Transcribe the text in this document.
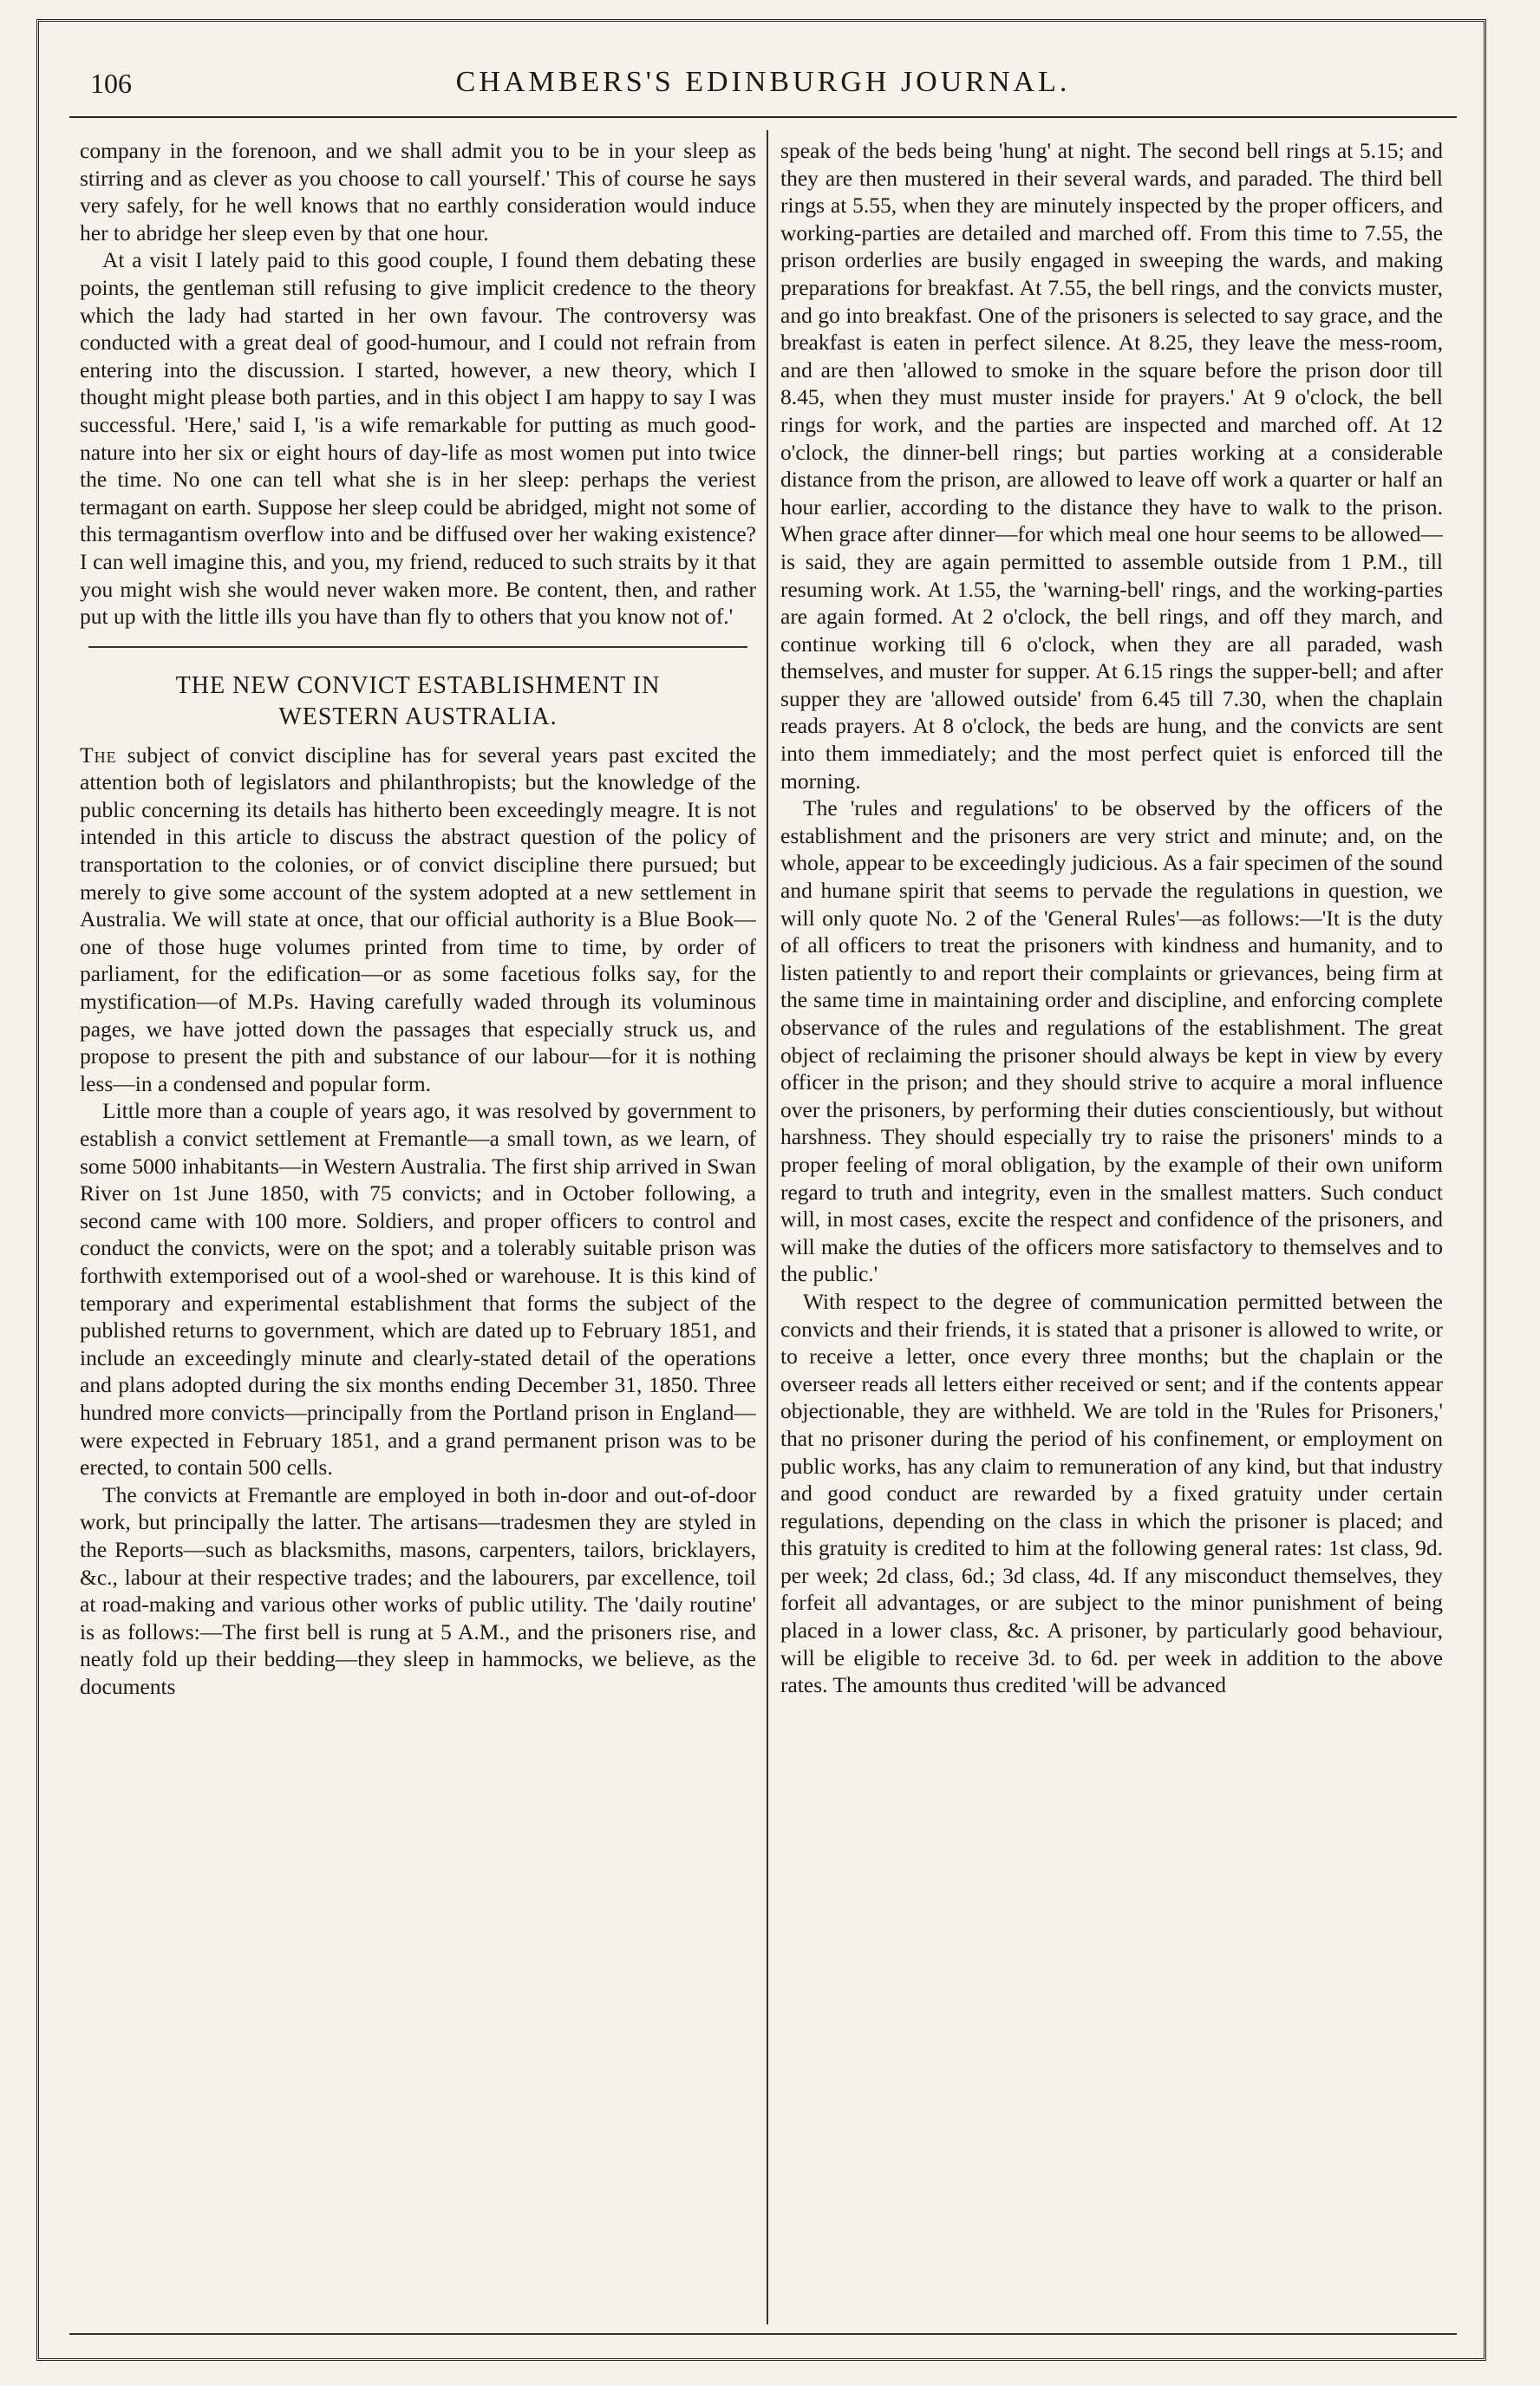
106	CHAMBERS'S EDINBURGH JOURNAL.

company in the forenoon, and we shall admit you to be in your sleep as stirring and as clever as you choose to call yourself.' This of course he says very safely, for he well knows that no earthly consideration would induce her to abridge her sleep even by that one hour.

At a visit I lately paid to this good couple, I found them debating these points, the gentleman still refusing to give implicit credence to the theory which the lady had started in her own favour. The controversy was conducted with a great deal of good-humour, and I could not refrain from entering into the discussion. I started, however, a new theory, which I thought might please both parties, and in this object I am happy to say I was successful. 'Here,' said I, 'is a wife remarkable for putting as much good-nature into her six or eight hours of day-life as most women put into twice the time. No one can tell what she is in her sleep: perhaps the veriest termagant on earth. Suppose her sleep could be abridged, might not some of this termagantism overflow into and be diffused over her waking existence? I can well imagine this, and you, my friend, reduced to such straits by it that you might wish she would never waken more. Be content, then, and rather put up with the little ills you have than fly to others that you know not of.'

THE NEW CONVICT ESTABLISHMENT IN
WESTERN AUSTRALIA.

The subject of convict discipline has for several years past excited the attention both of legislators and philanthropists; but the knowledge of the public concerning its details has hitherto been exceedingly meagre. It is not intended in this article to discuss the abstract question of the policy of transportation to the colonies, or of convict discipline there pursued; but merely to give some account of the system adopted at a new settlement in Australia. We will state at once, that our official authority is a Blue Book—one of those huge volumes printed from time to time, by order of parliament, for the edification—or as some facetious folks say, for the mystification—of M.Ps. Having carefully waded through its voluminous pages, we have jotted down the passages that especially struck us, and propose to present the pith and substance of our labour—for it is nothing less—in a condensed and popular form.

Little more than a couple of years ago, it was resolved by government to establish a convict settlement at Fremantle—a small town, as we learn, of some 5000 inhabitants—in Western Australia. The first ship arrived in Swan River on 1st June 1850, with 75 convicts; and in October following, a second came with 100 more. Soldiers, and proper officers to control and conduct the convicts, were on the spot; and a tolerably suitable prison was forthwith extemporised out of a wool-shed or warehouse. It is this kind of temporary and experimental establishment that forms the subject of the published returns to government, which are dated up to February 1851, and include an exceedingly minute and clearly-stated detail of the operations and plans adopted during the six months ending December 31, 1850. Three hundred more convicts—principally from the Portland prison in England—were expected in February 1851, and a grand permanent prison was to be erected, to contain 500 cells.

The convicts at Fremantle are employed in both in-door and out-of-door work, but principally the latter. The artisans—tradesmen they are styled in the Reports—such as blacksmiths, masons, carpenters, tailors, bricklayers, &c., labour at their respective trades; and the labourers, par excellence, toil at road-making and various other works of public utility. The 'daily routine' is as follows:—The first bell is rung at 5 A.M., and the prisoners rise, and neatly fold up their bedding—they sleep in hammocks, we believe, as the documents

speak of the beds being 'hung' at night. The second bell rings at 5.15; and they are then mustered in their several wards, and paraded. The third bell rings at 5.55, when they are minutely inspected by the proper officers, and working-parties are detailed and marched off. From this time to 7.55, the prison orderlies are busily engaged in sweeping the wards, and making preparations for breakfast. At 7.55, the bell rings, and the convicts muster, and go into breakfast. One of the prisoners is selected to say grace, and the breakfast is eaten in perfect silence. At 8.25, they leave the mess-room, and are then 'allowed to smoke in the square before the prison door till 8.45, when they must muster inside for prayers.' At 9 o'clock, the bell rings for work, and the parties are inspected and marched off. At 12 o'clock, the dinner-bell rings; but parties working at a considerable distance from the prison, are allowed to leave off work a quarter or half an hour earlier, according to the distance they have to walk to the prison. When grace after dinner—for which meal one hour seems to be allowed—is said, they are again permitted to assemble outside from 1 P.M., till resuming work. At 1.55, the 'warning-bell' rings, and the working-parties are again formed. At 2 o'clock, the bell rings, and off they march, and continue working till 6 o'clock, when they are all paraded, wash themselves, and muster for supper. At 6.15 rings the supper-bell; and after supper they are 'allowed outside' from 6.45 till 7.30, when the chaplain reads prayers. At 8 o'clock, the beds are hung, and the convicts are sent into them immediately; and the most perfect quiet is enforced till the morning.

The 'rules and regulations' to be observed by the officers of the establishment and the prisoners are very strict and minute; and, on the whole, appear to be exceedingly judicious. As a fair specimen of the sound and humane spirit that seems to pervade the regulations in question, we will only quote No. 2 of the 'General Rules'—as follows:—'It is the duty of all officers to treat the prisoners with kindness and humanity, and to listen patiently to and report their complaints or grievances, being firm at the same time in maintaining order and discipline, and enforcing complete observance of the rules and regulations of the establishment. The great object of reclaiming the prisoner should always be kept in view by every officer in the prison; and they should strive to acquire a moral influence over the prisoners, by performing their duties conscientiously, but without harshness. They should especially try to raise the prisoners' minds to a proper feeling of moral obligation, by the example of their own uniform regard to truth and integrity, even in the smallest matters. Such conduct will, in most cases, excite the respect and confidence of the prisoners, and will make the duties of the officers more satisfactory to themselves and to the public.'

With respect to the degree of communication permitted between the convicts and their friends, it is stated that a prisoner is allowed to write, or to receive a letter, once every three months; but the chaplain or the overseer reads all letters either received or sent; and if the contents appear objectionable, they are withheld. We are told in the 'Rules for Prisoners,' that no prisoner during the period of his confinement, or employment on public works, has any claim to remuneration of any kind, but that industry and good conduct are rewarded by a fixed gratuity under certain regulations, depending on the class in which the prisoner is placed; and this gratuity is credited to him at the following general rates: 1st class, 9d. per week; 2d class, 6d.; 3d class, 4d. If any misconduct themselves, they forfeit all advantages, or are subject to the minor punishment of being placed in a lower class, &c. A prisoner, by particularly good behaviour, will be eligible to receive 3d. to 6d. per week in addition to the above rates. The amounts thus credited 'will be advanced
